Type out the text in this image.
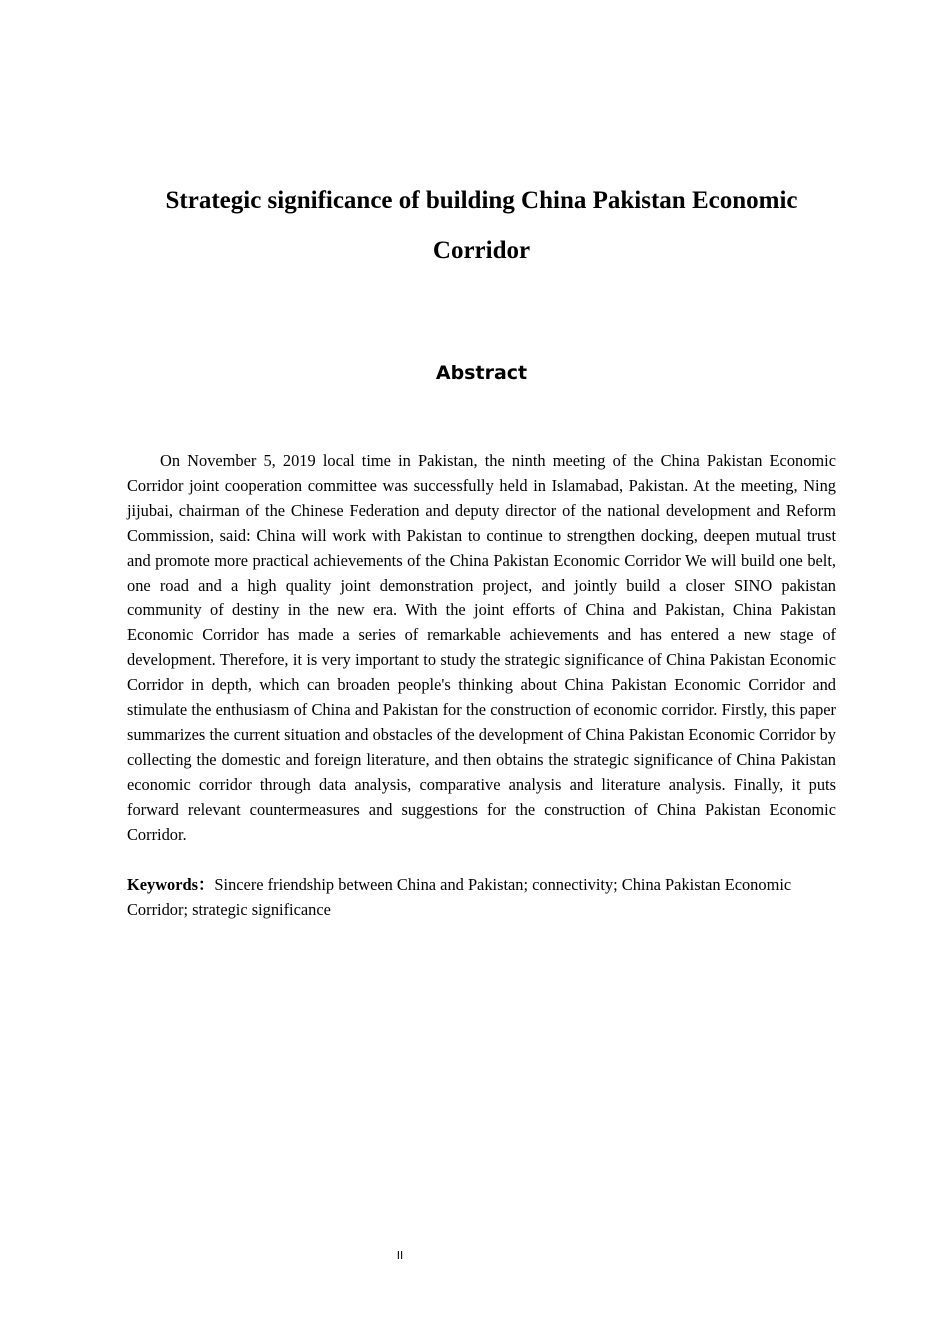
Strategic significance of building China Pakistan Economic Corridor
Abstract

On November 5, 2019 local time in Pakistan, the ninth meeting of the China Pakistan Economic Corridor joint cooperation committee was successfully held in Islamabad, Pakistan. At the meeting, Ning jijubai, chairman of the Chinese Federation and deputy director of the national development and Reform Commission, said: China will work with Pakistan to continue to strengthen docking, deepen mutual trust and promote more practical achievements of the China Pakistan Economic Corridor We will build one belt, one road and a high quality joint demonstration project, and jointly build a closer SINO pakistan community of destiny in the new era. With the joint efforts of China and Pakistan, China Pakistan Economic Corridor has made a series of remarkable achievements and has entered a new stage of development. Therefore, it is very important to study the strategic significance of China Pakistan Economic Corridor in depth, which can broaden people's thinking about China Pakistan Economic Corridor and stimulate the enthusiasm of China and Pakistan for the construction of economic corridor. Firstly, this paper summarizes the current situation and obstacles of the development of China Pakistan Economic Corridor by collecting the domestic and foreign literature, and then obtains the strategic significance of China Pakistan economic corridor through data analysis, comparative analysis and literature analysis. Finally, it puts forward relevant countermeasures and suggestions for the construction of China Pakistan Economic Corridor.

Keywords：Sincere friendship between China and Pakistan; connectivity; China Pakistan Economic Corridor; strategic significance

II
